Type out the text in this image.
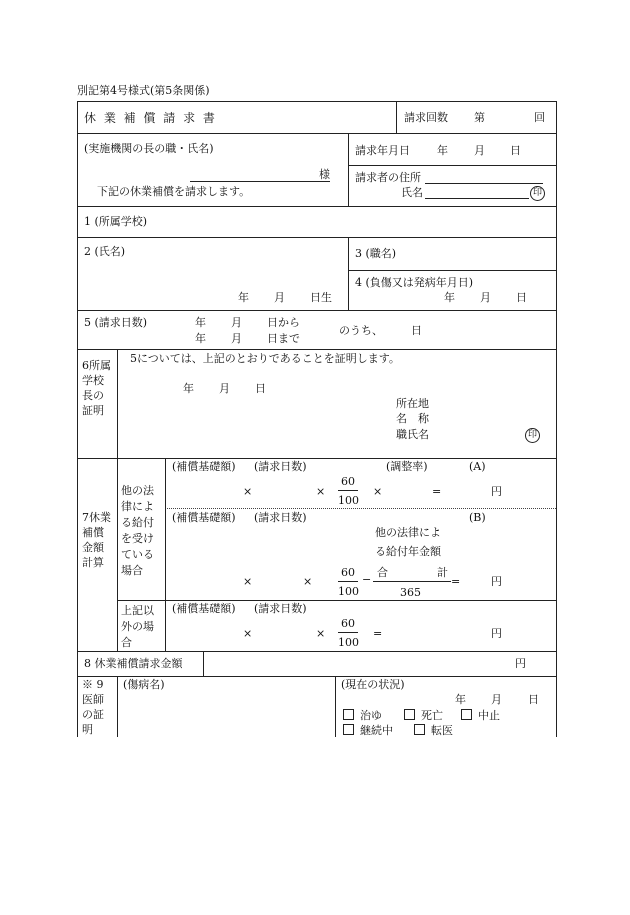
別記第4号様式(第5条関係)
休 業 補 償 請 求 書	請求回数 第	回
(実施機関の長の職・氏名)
様
下記の休業補償を請求します。
請求年月日 年 月 日
請求者の住所
氏名	印
1 (所属学校)
2 (氏名)
年 月 日生
3 (職名)
4 (負傷又は発病年月日)
年 月 日
5 (請求日数)	年 月 日から
年 月 日まで
のうち、	日
6所属学校長の証明
5については、上記のとおりであることを証明します。
年 月 日
所在地
名　称
職氏名	印
7休業補償金額計算
他の法律による給付を受けている場合
(補償基礎額) (請求日数)	(調整率)	(A)
×	× $\frac{60}{100}$ ×	=	円
(補償基礎額) (請求日数)	(B)
他の法律によ
る給付年金額
×	× $\frac{60}{100}$ −
合	計
365
=	円
上記以外の場合
(補償基礎額) (請求日数)
×	× $\frac{60}{100}$ =	円
8 休業補償請求金額	円
※ 9医師の証明
(傷病名)	(現在の状況)
年 月 日
治ゆ	死亡	中止
継続中	転医
